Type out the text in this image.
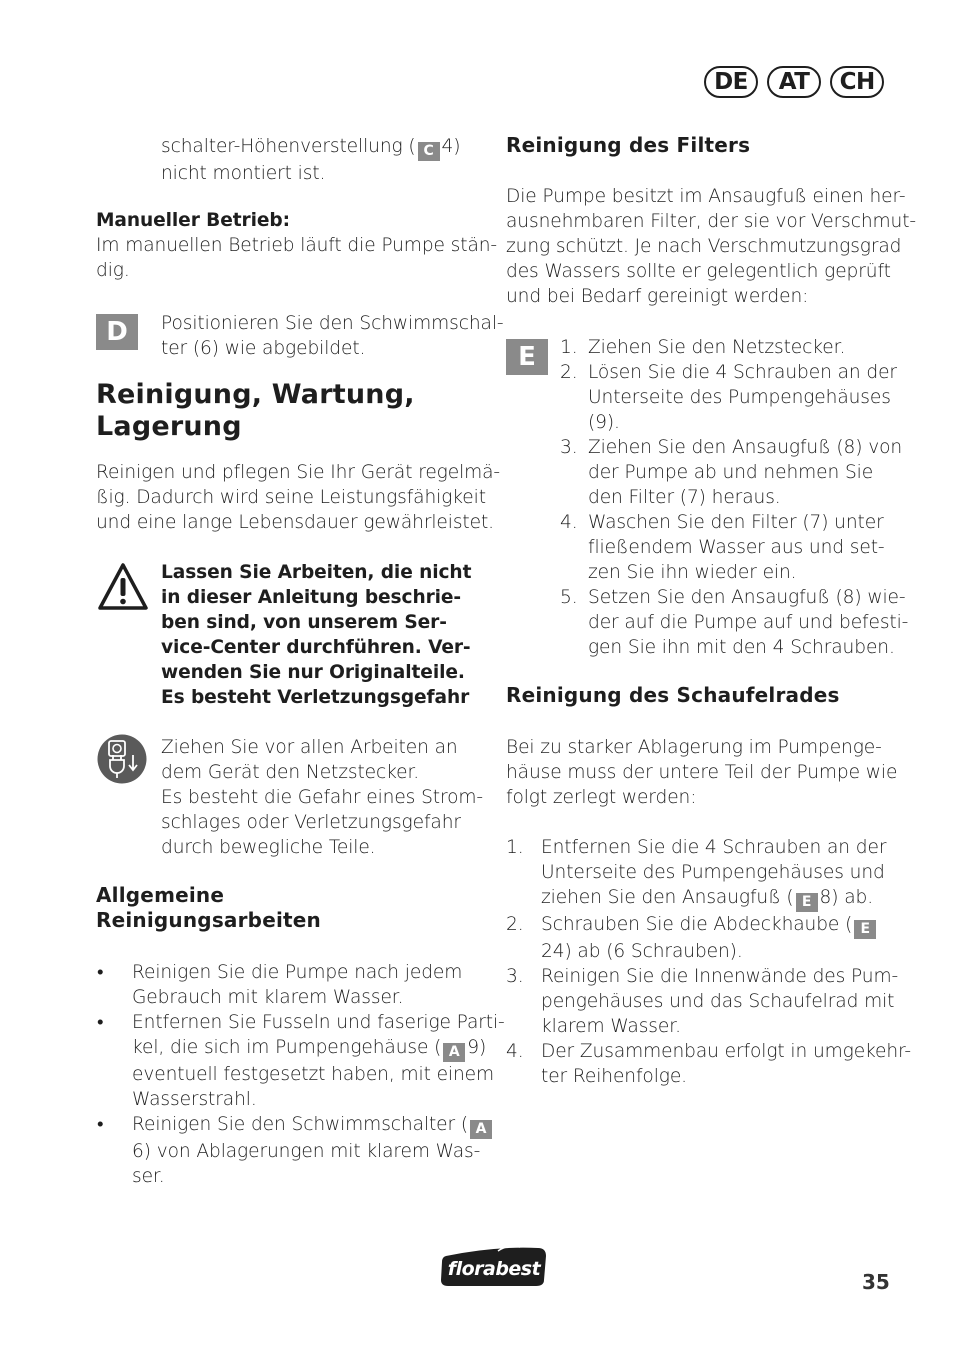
DE AT CH
schalter-Höhenverstellung ( C 4)
nicht montiert ist.
Manueller Betrieb:
Im manuellen Betrieb läuft die Pumpe stän-
dig.
D	Positionieren Sie den Schwimmschal-
ter (6) wie abgebildet.
Reinigung, Wartung,
Lagerung
Reinigen und pflegen Sie Ihr Gerät regelmä-
ßig. Dadurch wird seine Leistungsfähigkeit
und eine lange Lebensdauer gewährleistet.
Lassen Sie Arbeiten, die nicht
in dieser Anleitung beschrie-
ben sind, von unserem Ser-
vice-Center durchführen. Ver-
wenden Sie nur Originalteile.
Es besteht Verletzungsgefahr
Ziehen Sie vor allen Arbeiten an
dem Gerät den Netzstecker.
Es besteht die Gefahr eines Strom-
schlages oder Verletzungsgefahr
durch bewegliche Teile.
Allgemeine
Reinigungsarbeiten
• Reinigen Sie die Pumpe nach jedem
Gebrauch mit klarem Wasser.
• Entfernen Sie Fusseln und faserige Parti-
kel, die sich im Pumpengehäuse ( A 9)
eventuell festgesetzt haben, mit einem
Wasserstrahl.
• Reinigen Sie den Schwimmschalter ( A
6) von Ablagerungen mit klarem Was-
ser.
Reinigung des Filters
Die Pumpe besitzt im Ansaugfuß einen her-
ausnehmbaren Filter, der sie vor Verschmut-
zung schützt. Je nach Verschmutzungsgrad
des Wassers sollte er gelegentlich geprüft
und bei Bedarf gereinigt werden:
E	1. Ziehen Sie den Netzstecker.
2. Lösen Sie die 4 Schrauben an der
Unterseite des Pumpengehäuses
(9).
3. Ziehen Sie den Ansaugfuß (8) von
der Pumpe ab und nehmen Sie
den Filter (7) heraus.
4. Waschen Sie den Filter (7) unter
fließendem Wasser aus und set-
zen Sie ihn wieder ein.
5. Setzen Sie den Ansaugfuß (8) wie-
der auf die Pumpe auf und befesti-
gen Sie ihn mit den 4 Schrauben.
Reinigung des Schaufelrades
Bei zu starker Ablagerung im Pumpenge-
häuse muss der untere Teil der Pumpe wie
folgt zerlegt werden:
1. Entfernen Sie die 4 Schrauben an der
Unterseite des Pumpengehäuses und
ziehen Sie den Ansaugfuß ( E 8) ab.
2. Schrauben Sie die Abdeckhaube ( E
24) ab (6 Schrauben).
3. Reinigen Sie die Innenwände des Pum-
pengehäuses und das Schaufelrad mit
klarem Wasser.
4. Der Zusammenbau erfolgt in umgekehr-
ter Reihenfolge.
florabest
35
